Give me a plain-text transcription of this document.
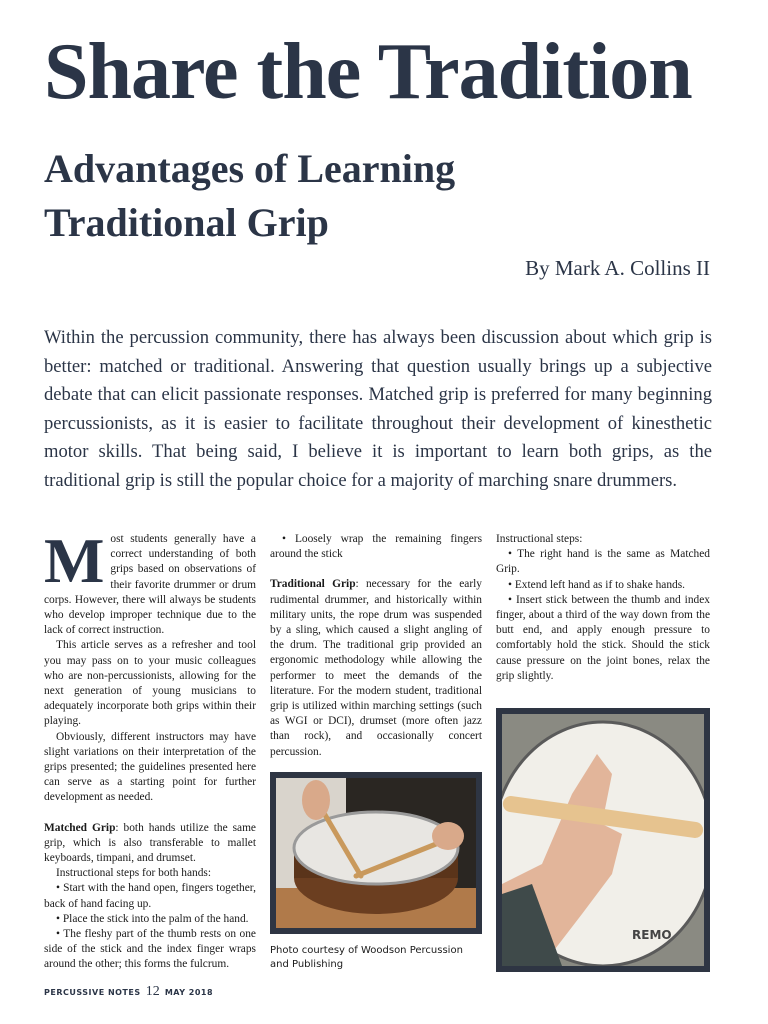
Share the Tradition
Advantages of Learning Traditional Grip
By Mark A. Collins II

Within the percussion community, there has always been discussion about which grip is better: matched or traditional. Answering that question usually brings up a subjective debate that can elicit passionate responses. Matched grip is preferred for many beginning percussionists, as it is easier to facilitate throughout their development of kinesthetic motor skills. That being said, I believe it is important to learn both grips, as the traditional grip is still the popular choice for a majority of marching snare drummers.

Most students generally have a correct understanding of both grips based on observations of their favorite drummer or drum corps. However, there will always be students who develop improper technique due to the lack of correct instruction.

This article serves as a refresher and tool you may pass on to your music colleagues who are non-percussionists, allowing for the next generation of young musicians to adequately incorporate both grips within their playing.

Obviously, different instructors may have slight variations on their interpretation of the grips presented; the guidelines presented here can serve as a starting point for further development as needed.

Matched Grip: both hands utilize the same grip, which is also transferable to mallet keyboards, timpani, and drumset.

Instructional steps for both hands:

• Start with the hand open, fingers together, back of hand facing up.

• Place the stick into the palm of the hand.

• The fleshy part of the thumb rests on one side of the stick and the index finger wraps around the other; this forms the fulcrum.

• Loosely wrap the remaining fingers around the stick

Traditional Grip: necessary for the early rudimental drummer, and historically within military units, the rope drum was suspended by a sling, which caused a slight angling of the drum. The traditional grip provided an ergonomic methodology while allowing the performer to meet the demands of the literature. For the modern student, traditional grip is utilized within marching settings (such as WGI or DCI), drumset (more often jazz than rock), and occasionally concert percussion.

Photo courtesy of Woodson Percussion and Publishing

Instructional steps:

• The right hand is the same as Matched Grip.

• Extend left hand as if to shake hands.

• Insert stick between the thumb and index finger, about a third of the way down from the butt end, and apply enough pressure to comfortably hold the stick. Should the stick cause pressure on the joint bones, relax the grip slightly.

REMO
PERCUSSIVE NOTES 12 MAY 2018
